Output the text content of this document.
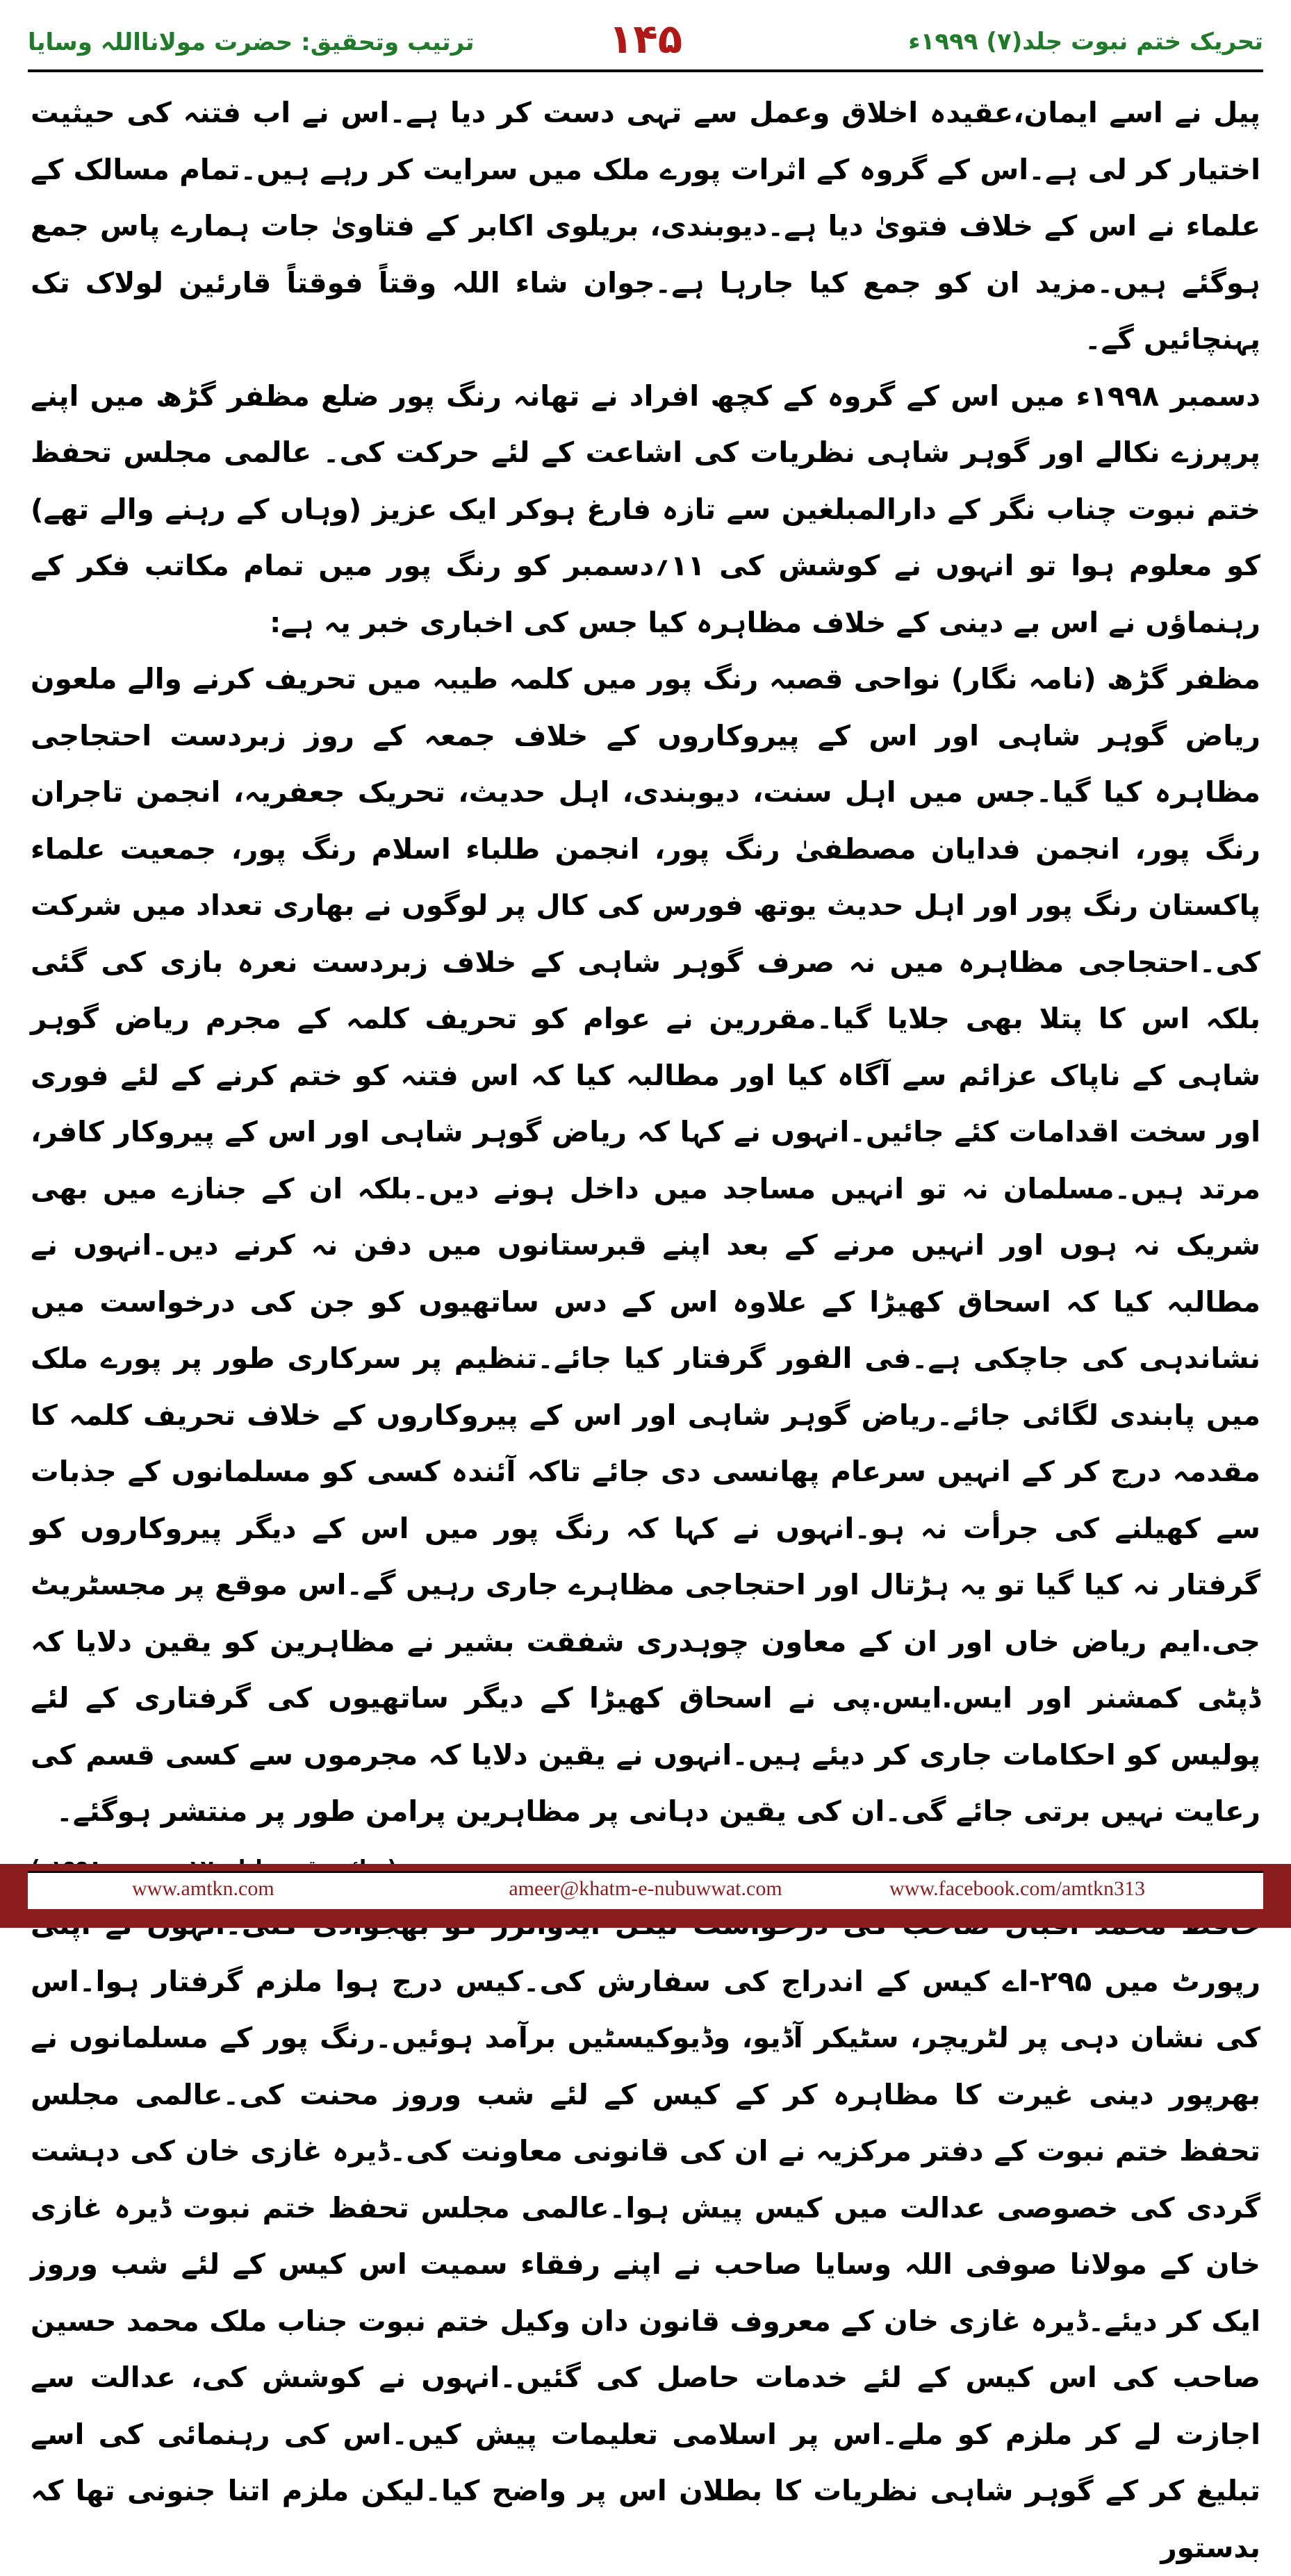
ترتیب وتحقیق: حضرت مولانااللہ وسایا	۱۴۵	تحریک ختم نبوت جلد(۷) ۱۹۹۹ء

پیل نے اسے ایمان،عقیدہ اخلاق وعمل سے تہی دست کر دیا ہے۔اس نے اب فتنہ کی حیثیت اختیار کر لی ہے۔اس کے گروہ کے اثرات پورے ملک میں سرایت کر رہے ہیں۔تمام مسالک کے علماء نے اس کے خلاف فتویٰ دیا ہے۔دیوبندی، بریلوی اکابر کے فتاویٰ جات ہمارے پاس جمع ہوگئے ہیں۔مزید ان کو جمع کیا جارہا ہے۔جوان شاء اللہ وقتاً فوقتاً قارئین لولاک تک پہنچائیں گے۔

دسمبر ۱۹۹۸ء میں اس کے گروہ کے کچھ افراد نے تھانہ رنگ پور ضلع مظفر گڑھ میں اپنے پرپرزے نکالے اور گوہر شاہی نظریات کی اشاعت کے لئے حرکت کی۔ عالمی مجلس تحفظ ختم نبوت چناب نگر کے دارالمبلغین سے تازہ فارغ ہوکر ایک عزیز (وہاں کے رہنے والے تھے) کو معلوم ہوا تو انہوں نے کوشش کی ۱۱؍دسمبر کو رنگ پور میں تمام مکاتب فکر کے رہنماؤں نے اس بے دینی کے خلاف مظاہرہ کیا جس کی اخباری خبر یہ ہے:

مظفر گڑھ (نامہ نگار) نواحی قصبہ رنگ پور میں کلمہ طیبہ میں تحریف کرنے والے ملعون ریاض گوہر شاہی اور اس کے پیروکاروں کے خلاف جمعہ کے روز زبردست احتجاجی مظاہرہ کیا گیا۔جس میں اہل سنت، دیوبندی، اہل حدیث، تحریک جعفریہ، انجمن تاجران رنگ پور، انجمن فدایان مصطفیٰ رنگ پور، انجمن طلباء اسلام رنگ پور، جمعیت علماء پاکستان رنگ پور اور اہل حدیث یوتھ فورس کی کال پر لوگوں نے بھاری تعداد میں شرکت کی۔احتجاجی مظاہرہ میں نہ صرف گوہر شاہی کے خلاف زبردست نعرہ بازی کی گئی بلکہ اس کا پتلا بھی جلایا گیا۔مقررین نے عوام کو تحریف کلمہ کے مجرم ریاض گوہر شاہی کے ناپاک عزائم سے آگاہ کیا اور مطالبہ کیا کہ اس فتنہ کو ختم کرنے کے لئے فوری اور سخت اقدامات کئے جائیں۔انہوں نے کہا کہ ریاض گوہر شاہی اور اس کے پیروکار کافر، مرتد ہیں۔مسلمان نہ تو انہیں مساجد میں داخل ہونے دیں۔بلکہ ان کے جنازے میں بھی شریک نہ ہوں اور انہیں مرنے کے بعد اپنے قبرستانوں میں دفن نہ کرنے دیں۔انہوں نے مطالبہ کیا کہ اسحاق کھیڑا کے علاوہ اس کے دس ساتھیوں کو جن کی درخواست میں نشاندہی کی جاچکی ہے۔فی الفور گرفتار کیا جائے۔تنظیم پر سرکاری طور پر پورے ملک میں پابندی لگائی جائے۔ریاض گوہر شاہی اور اس کے پیروکاروں کے خلاف تحریف کلمہ کا مقدمہ درج کر کے انہیں سرعام پھانسی دی جائے تاکہ آئندہ کسی کو مسلمانوں کے جذبات سے کھیلنے کی جرأت نہ ہو۔انہوں نے کہا کہ رنگ پور میں اس کے دیگر پیروکاروں کو گرفتار نہ کیا گیا تو یہ ہڑتال اور احتجاجی مظاہرے جاری رہیں گے۔اس موقع پر مجسٹریٹ جی.ایم ریاض خاں اور ان کے معاون چوہدری شفقت بشیر نے مظاہرین کو یقین دلایا کہ ڈپٹی کمشنر اور ایس.ایس.پی نے اسحاق کھیڑا کے دیگر ساتھیوں کی گرفتاری کے لئے پولیس کو احکامات جاری کر دیئے ہیں۔انہوں نے یقین دلایا کہ مجرموں سے کسی قسم کی رعایت نہیں برتی جائے گی۔ان کی یقین دہانی پر مظاہرین پرامن طور پر منتشر ہوگئے۔

رپورٹ میں ۲۹۵-اے کیس کے اندراج کی سفارش کی۔کیس درج ہوا ملزم گرفتار ہوا۔اس کی نشان دہی پر لٹریچر، سٹیکر آڈیو، وڈیوکیسٹیں برآمد ہوئیں۔رنگ پور کے مسلمانوں نے بھرپور دینی غیرت کا مظاہرہ کر کے کیس کے لئے شب وروز محنت کی۔عالمی مجلس تحفظ ختم نبوت کے دفتر مرکزیہ نے ان کی قانونی معاونت کی۔ڈیرہ غازی خان کی دہشت گردی کی خصوصی عدالت میں کیس پیش ہوا۔عالمی مجلس تحفظ ختم نبوت ڈیرہ غازی خان کے مولانا صوفی اللہ وسایا صاحب نے اپنے رفقاء سمیت اس کیس کے لئے شب وروز ایک کر دیئے۔ڈیرہ غازی خان کے معروف قانون دان وکیل ختم نبوت جناب ملک محمد حسین صاحب کی اس کیس کے لئے خدمات حاصل کی گئیں۔انہوں نے کوشش کی، عدالت سے اجازت لے کر ملزم کو ملے۔اس پر اسلامی تعلیمات پیش کیں۔اس کی رہنمائی کی اسے تبلیغ کر کے گوہر شاہی نظریات کا بطلان اس پر واضح کیا۔لیکن ملزم اتنا جنونی تھا کہ بدستور

www.amtkn.com	ameer@khatm-e-nubuwwat.com	www.facebook.com/amtkn313
